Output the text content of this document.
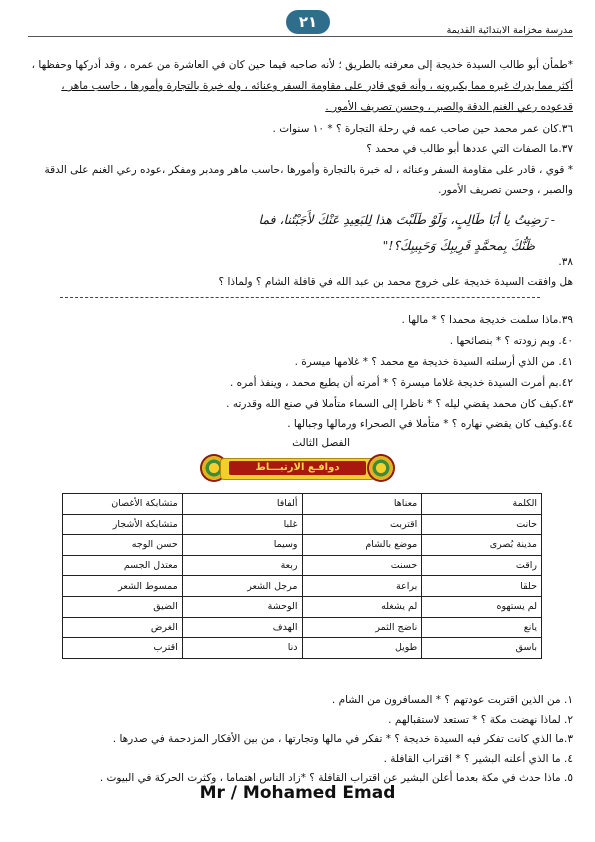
٢١	مدرسة مخزامة الابتدائية القديمة
*طمأن أبو طالب السيدة خديجة إلى معرفته بالطريق ؛ لأنه صاحبه فيما حين كان في العاشرة من عمره ، وقد أدركها وحفظها ،
أكثر مما يدرك غيره مما يكبرونه ، وأنه قوي قادر على مقاومة السفر وعنائه ، وله خبرة بالتجارة وأمورها ، حاسب ماهر ،
قدعوده رعي الغنم الدقة والصبر ، وحسن تصريف الأمور .
٣٦.كان عمر محمد حين صاحب عمه في رحلة التجارة ؟ * ١٠ سنوات .
٣٧.ما الصفات التي عددها أبو طالب في محمد ؟
* قوي ، قادر على مقاومة السفر وعنائه ، له خبرة بالتجارة وأمورها ،حاسب ماهر ومدبر ومفكر ،عوده رعي الغنم على الدقة
والصبر ، وحسن تصريف الأمور.
- رَضِيتُ يا أبَا طَالِبٍ، وَلَوْ طَلَبْتَ هذا لِلبَعِيدِ عَنْكَ لأَجَبْتُنا، فما
ظَنُّكَ بِمحمَّدٍ قَرِيبِكَ وَحَبِيبِكَ؟!"
٣٨.
هل وافقت السيدة خديجة على خروج محمد بن عبد الله في قافلة الشام ؟ ولماذا ؟
٣٩.ماذا سلمت خديجة محمدا ؟ * مالها .
٤٠. وبم زودته ؟ * بنصائحها .
٤١. من الذي أرسلته السيدة خديجة مع محمد ؟ * غلامها ميسرة .
٤٢.بم أمرت السيدة خديجة غلاما ميسرة ؟ * أمرته أن يطيع محمد ، وينفذ أمره .
٤٣.كيف كان محمد يقضي ليله ؟ * ناظرا إلى السماء متأملا في صنع الله وقدرته .
٤٤.وكيف كان يقضي نهاره ؟ * متأملا في الصحراء ورمالها وجبالها .
الفصل الثالث
دوافـع الارتبـــاط
الكلمة	معناها	ألفافا	متشابكة الأغصان
حانت	اقتربت	غلبا	متشابكة الأشجار
مدينة بُصرى	موضع بالشام	وسيما	حسن الوجه
راقت	حسنت	ربعة	معتدل الجسم
حلقا	براعة	مرجل الشعر	ممسوط الشعر
لم يستهوه	لم يشغله	الوحشة	الضيق
يانع	ناضج الثمر	الهدف	الغرض
باسق	طويل	دنا	اقترب
١. من الذين اقتربت عودتهم ؟ * المسافرون من الشام .
٢. لماذا نهضت مكة ؟ * تستعد لاستقبالهم .
٣.ما الذي كانت تفكر فيه السيدة خديجة ؟ * تفكر في مالها وتجارتها ، من بين الأفكار المزدحمة في صدرها .
٤. ما الذي أعلنه البشير ؟ * اقتراب القافلة .
٥. ماذا حدث في مكة بعدما أعلن البشير عن اقتراب القافلة ؟ *زاد الناس اهتماما ، وكثرت الحركة في البيوت .
Mr / Mohamed Emad
